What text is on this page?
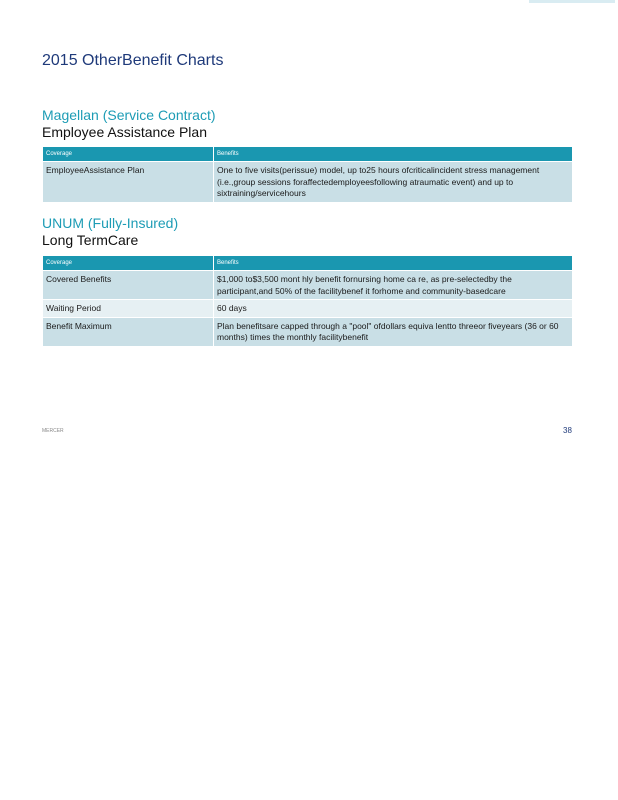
2015 OtherBenefit Charts
Magellan (Service Contract)
Employee Assistance Plan
Coverage	Benefits
EmployeeAssistance Plan	One to five visits(perissue) model, up to25 hours ofcriticalincident stress management (i.e.,group sessions foraffectedemployeesfollowing atraumatic event) and up to sixtraining/servicehours
UNUM (Fully-Insured)
Long TermCare
Coverage	Benefits
Covered Benefits	$1,000 to$3,500 mont hly benefit fornursing home ca re, as pre-selectedby the participant,and 50% of the facilitybenef it forhome and community-basedcare
Waiting Period	60 days
Benefit Maximum	Plan benefitsare capped through a "pool" ofdollars equiva lentto threeor fiveyears (36 or 60 months) times the monthly facilitybenefit
MERCER	38
